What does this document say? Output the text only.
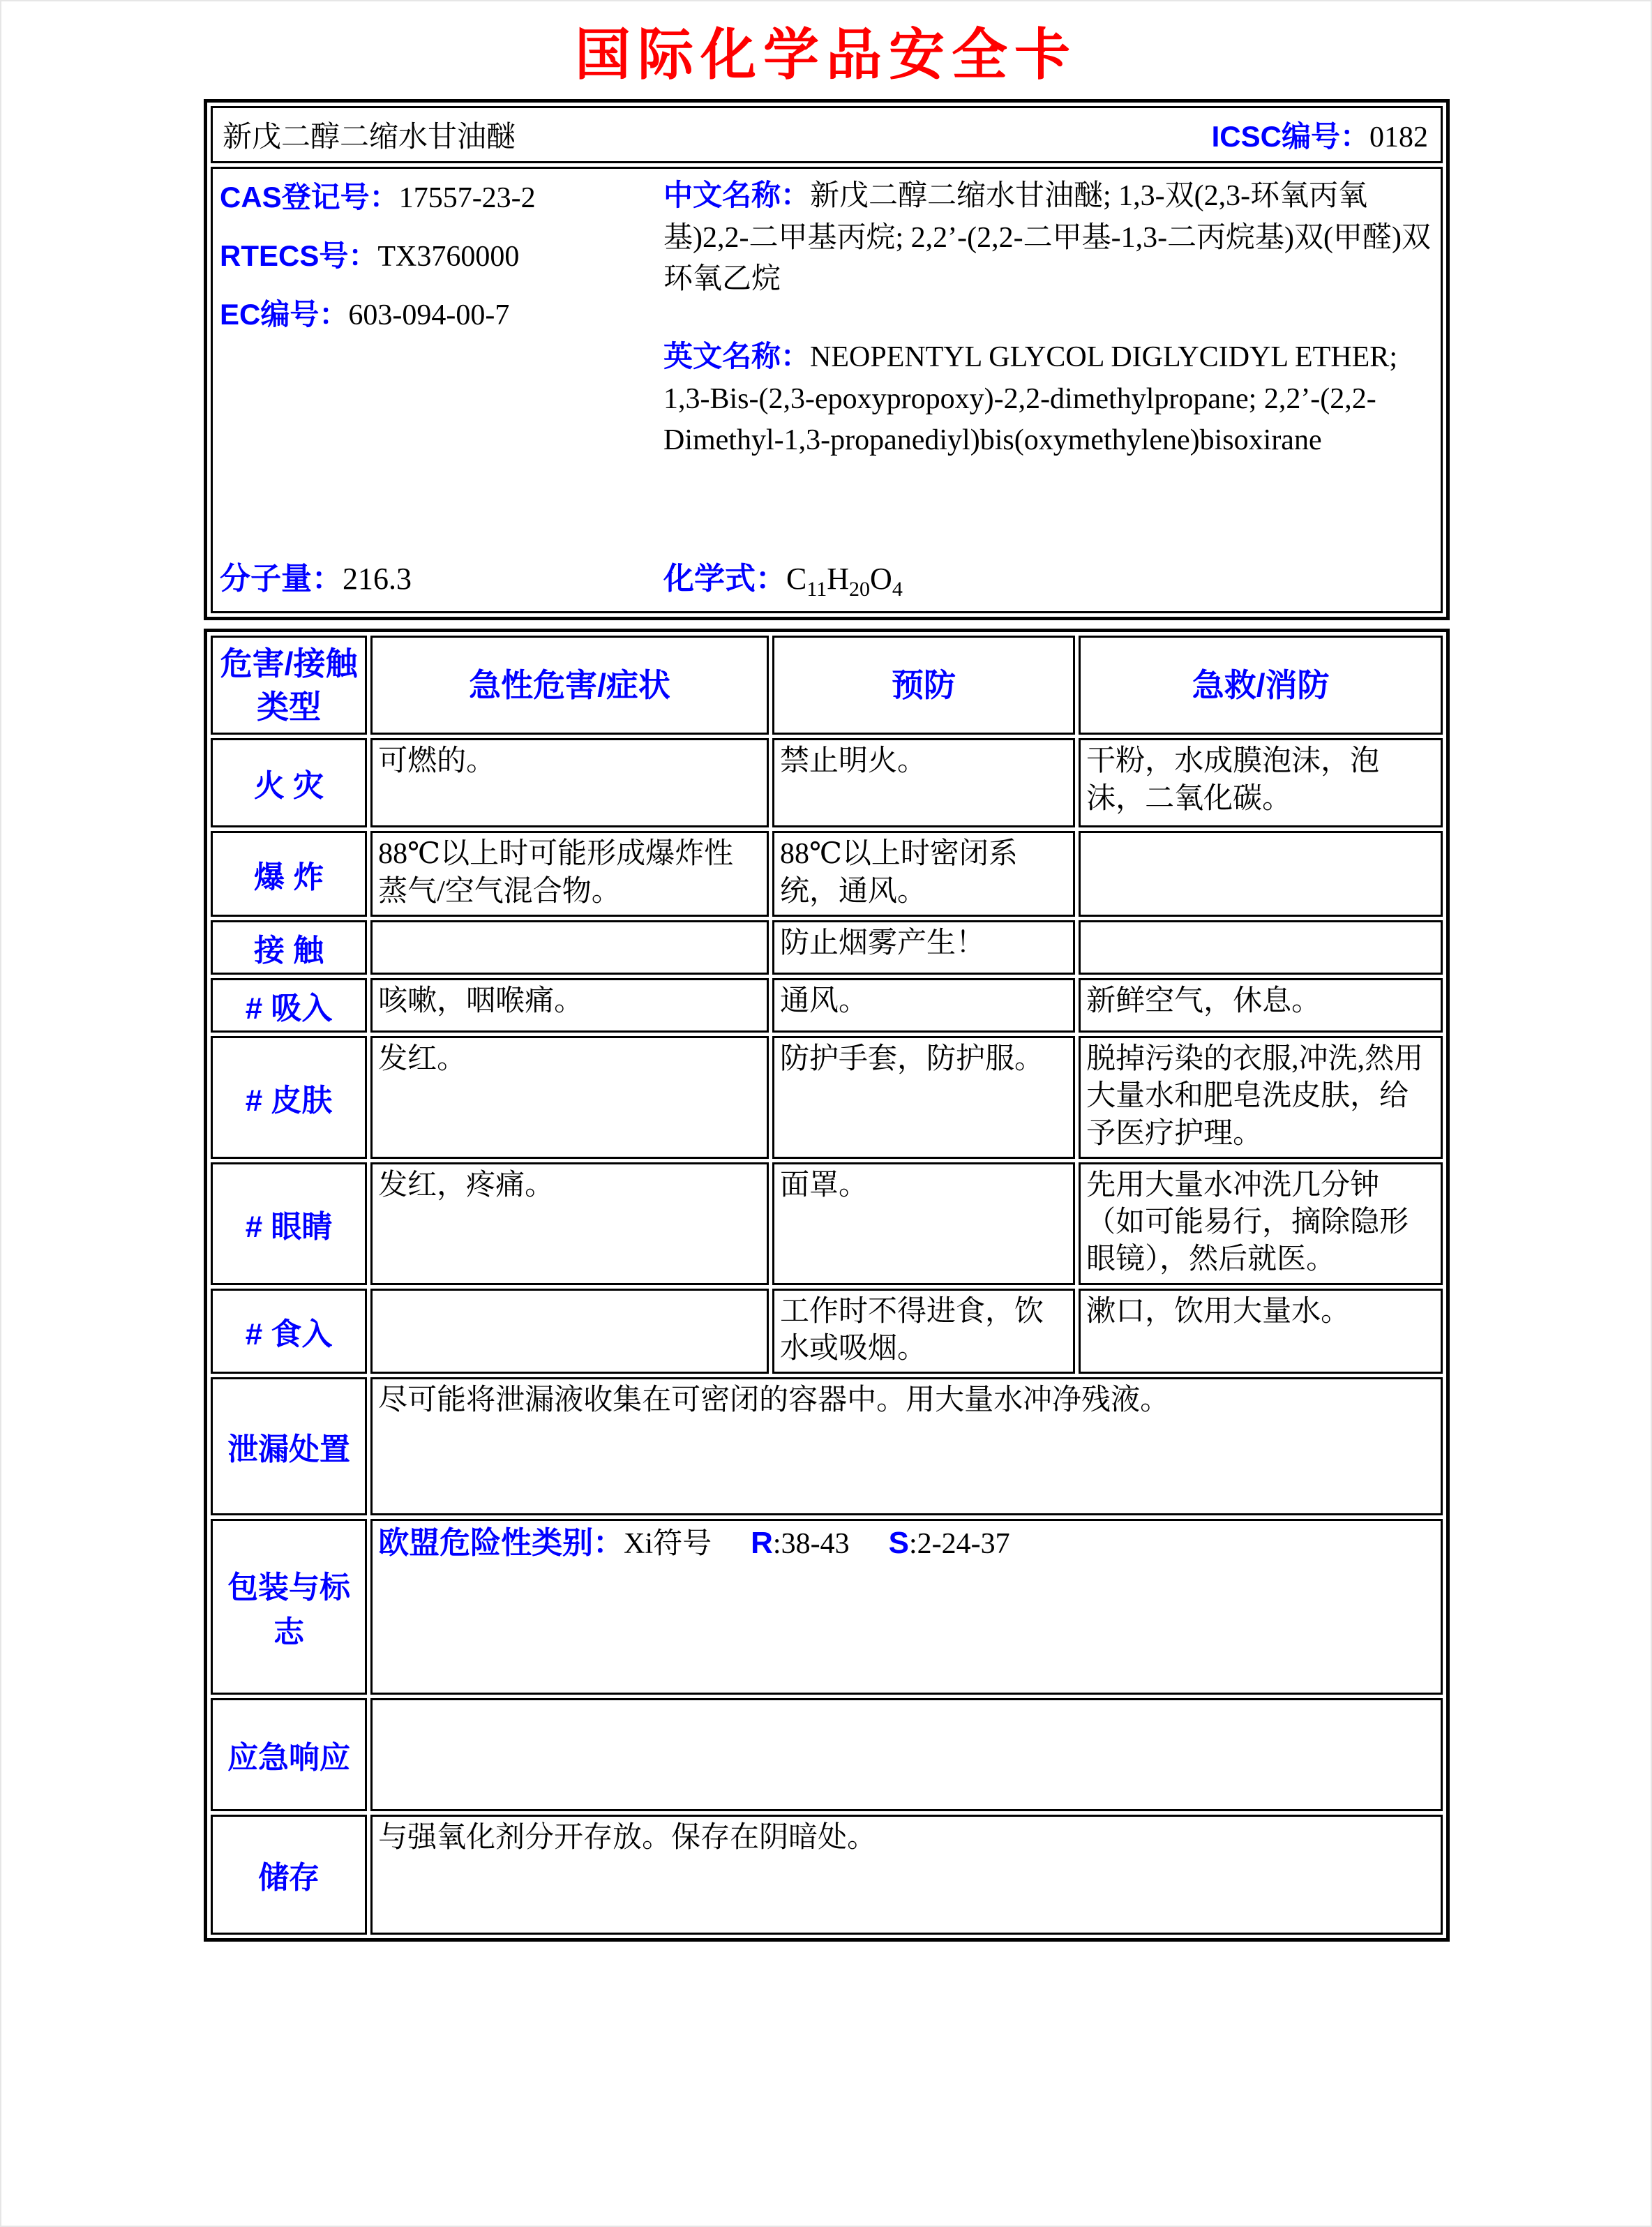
国际化学品安全卡
新戊二醇二缩水甘油醚	ICSC编号：0182

CAS登记号：17557-23-2
RTECS号：TX3760000
EC编号：603-094-00-7
中文名称：新戊二醇二缩水甘油醚; 1,3-双(2,3-环氧丙氧基)2,2-二甲基丙烷; 2,2’-(2,2-二甲基-1,3-二丙烷基)双(甲醛)双环氧乙烷
英文名称：NEOPENTYL GLYCOL DIGLYCIDYL ETHER; 1,3-Bis-(2,3-epoxypropoxy)-2,2-dimethylpropane; 2,2’-(2,2-Dimethyl-1,3-propanediyl)bis(oxymethylene)bisoxirane
分子量：216.3	化学式：$C_{11}H_{20}O_4$
危害/接触类型	急性危害/症状	预防	急救/消防
火 灾	可燃的。	禁止明火。	干粉，水成膜泡沫，泡沫，二氧化碳。
爆 炸	88℃以上时可能形成爆炸性蒸气/空气混合物。	88℃以上时密闭系统，通风。	
接 触		防止烟雾产生！	
# 吸入	咳嗽，咽喉痛。	通风。	新鲜空气，休息。
# 皮肤	发红。	防护手套，防护服。	脱掉污染的衣服,冲洗,然用大量水和肥皂洗皮肤，给予医疗护理。
# 眼睛	发红，疼痛。	面罩。	先用大量水冲洗几分钟（如可能易行，摘除隐形眼镜），然后就医。
# 食入		工作时不得进食，饮水或吸烟。	漱口，饮用大量水。
泄漏处置	尽可能将泄漏液收集在可密闭的容器中。用大量水冲净残液。		
包装与标志	欧盟危险性类别：Xi符号 R:38-43 S:2-24-37		

应急响应			
储存	与强氧化剂分开存放。保存在阴暗处。		
